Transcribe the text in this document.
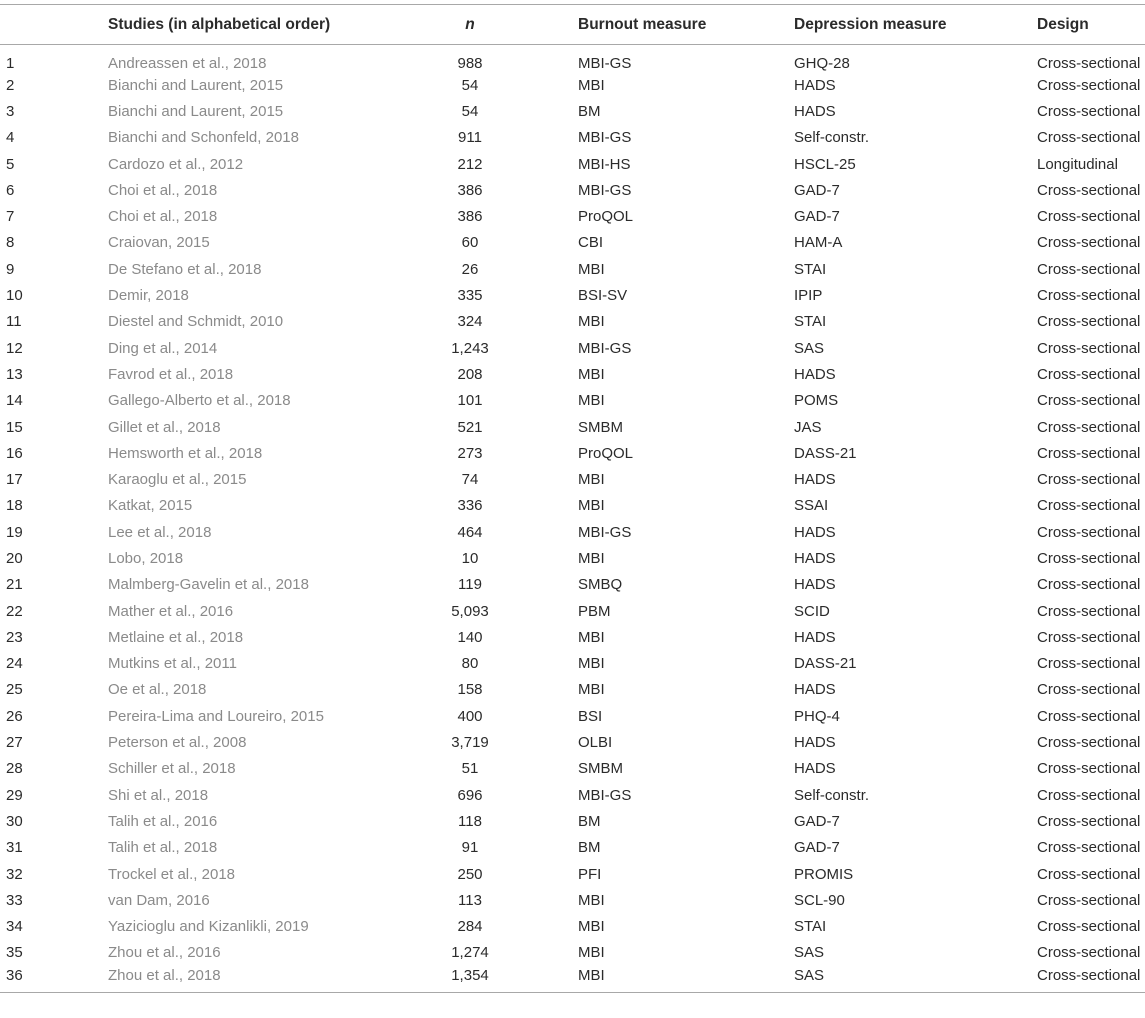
	Studies (in alphabetical order)	n		Burnout measure	Depression measure	Design
1	Andreassen et al., 2018	988		MBI-GS	GHQ-28	Cross-sectional
2	Bianchi and Laurent, 2015	54		MBI	HADS	Cross-sectional
3	Bianchi and Laurent, 2015	54		BM	HADS	Cross-sectional
4	Bianchi and Schonfeld, 2018	911		MBI-GS	Self-constr.	Cross-sectional
5	Cardozo et al., 2012	212		MBI-HS	HSCL-25	Longitudinal
6	Choi et al., 2018	386		MBI-GS	GAD-7	Cross-sectional
7	Choi et al., 2018	386		ProQOL	GAD-7	Cross-sectional
8	Craiovan, 2015	60		CBI	HAM-A	Cross-sectional
9	De Stefano et al., 2018	26		MBI	STAI	Cross-sectional
10	Demir, 2018	335		BSI-SV	IPIP	Cross-sectional
11	Diestel and Schmidt, 2010	324		MBI	STAI	Cross-sectional
12	Ding et al., 2014	1,243		MBI-GS	SAS	Cross-sectional
13	Favrod et al., 2018	208		MBI	HADS	Cross-sectional
14	Gallego-Alberto et al., 2018	101		MBI	POMS	Cross-sectional
15	Gillet et al., 2018	521		SMBM	JAS	Cross-sectional
16	Hemsworth et al., 2018	273		ProQOL	DASS-21	Cross-sectional
17	Karaoglu et al., 2015	74		MBI	HADS	Cross-sectional
18	Katkat, 2015	336		MBI	SSAI	Cross-sectional
19	Lee et al., 2018	464		MBI-GS	HADS	Cross-sectional
20	Lobo, 2018	10		MBI	HADS	Cross-sectional
21	Malmberg-Gavelin et al., 2018	119		SMBQ	HADS	Cross-sectional
22	Mather et al., 2016	5,093		PBM	SCID	Cross-sectional
23	Metlaine et al., 2018	140		MBI	HADS	Cross-sectional
24	Mutkins et al., 2011	80		MBI	DASS-21	Cross-sectional
25	Oe et al., 2018	158		MBI	HADS	Cross-sectional
26	Pereira-Lima and Loureiro, 2015	400		BSI	PHQ-4	Cross-sectional
27	Peterson et al., 2008	3,719		OLBI	HADS	Cross-sectional
28	Schiller et al., 2018	51		SMBM	HADS	Cross-sectional
29	Shi et al., 2018	696		MBI-GS	Self-constr.	Cross-sectional
30	Talih et al., 2016	118		BM	GAD-7	Cross-sectional
31	Talih et al., 2018	91		BM	GAD-7	Cross-sectional
32	Trockel et al., 2018	250		PFI	PROMIS	Cross-sectional
33	van Dam, 2016	113		MBI	SCL-90	Cross-sectional
34	Yazicioglu and Kizanlikli, 2019	284		MBI	STAI	Cross-sectional
35	Zhou et al., 2016	1,274		MBI	SAS	Cross-sectional
36	Zhou et al., 2018	1,354		MBI	SAS	Cross-sectional
